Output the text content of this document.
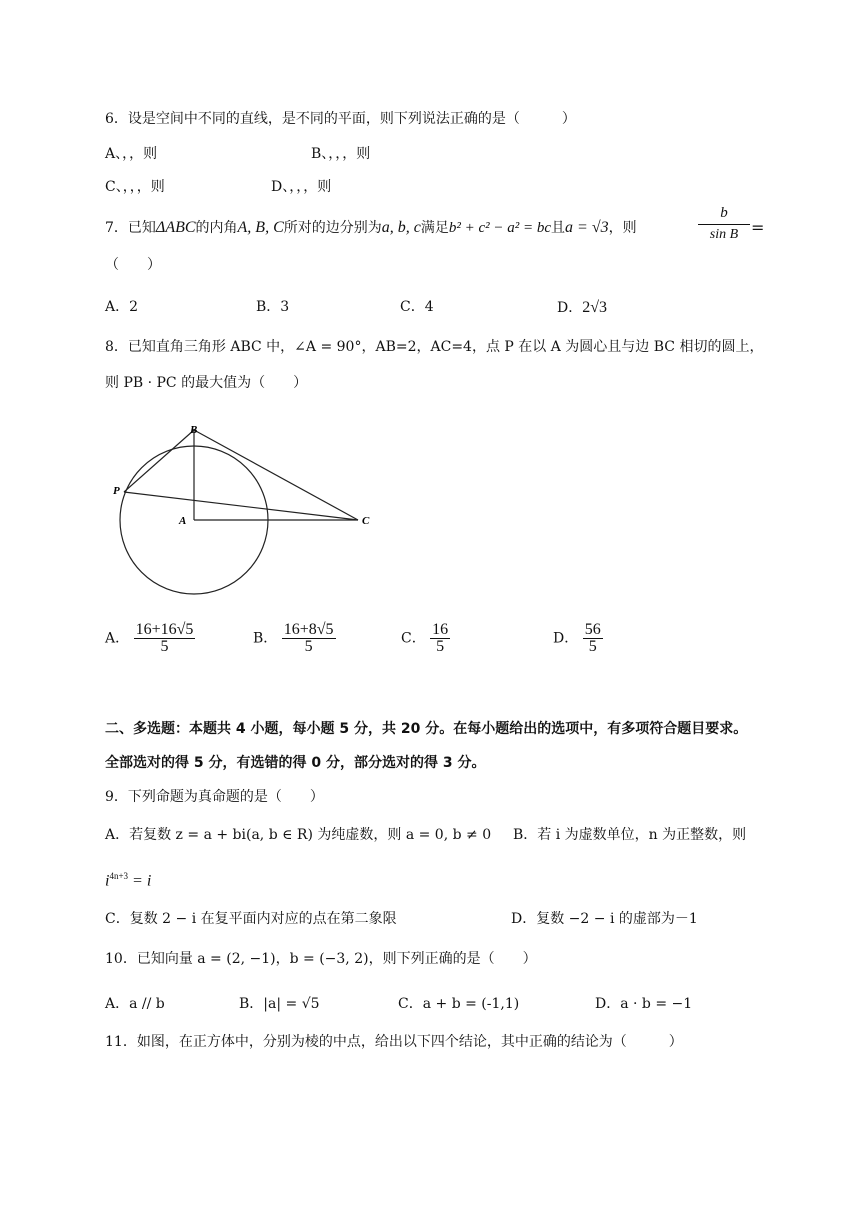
6．设是空间中不同的直线，是不同的平面，则下列说法正确的是（　　　）
A、，，则	B、，，，则
C、，，，则	D、，，，则
7．已知ΔABC的内角A, B, C所对的边分别为a, b, c满足b² + c² − a² = bc且a = √3，则	$\frac{b}{\text{sin B}}$ =
（　　）
A．2	B．3	C．4	D．2√3
8．已知直角三角形 ABC 中，∠A = 90°，AB=2，AC=4，点 P 在以 A 为圆心且与边 BC 相切的圆上，
则 PB · PC 的最大值为（　　）
B
P
A	C
A． $\frac{16+16√5}{5}$	B． $\frac{16+8√5}{5}$	C． $\frac{16}{5}$	D． $\frac{56}{5}$
二、多选题：本题共 4 小题，每小题 5 分，共 20 分。在每小题给出的选项中，有多项符合题目要求。
全部选对的得 5 分，有选错的得 0 分，部分选对的得 3 分。
9．下列命题为真命题的是（　　）
A．若复数 z = a + bi(a, b ∈ R) 为纯虚数，则 a = 0, b ≠ 0 B．若 i 为虚数单位，n 为正整数，则
$i^{4n+3} = i$
C．复数 2 − i 在复平面内对应的点在第二象限	D．复数 −2 − i 的虚部为－1
10．已知向量 a = (2, −1)，b = (−3, 2)，则下列正确的是（　　）
A．a // b	B．|a| = √5	C．a + b = (-1,1)	D．a · b = −1
11．如图，在正方体中，分别为棱的中点，给出以下四个结论，其中正确的结论为（　　　）
